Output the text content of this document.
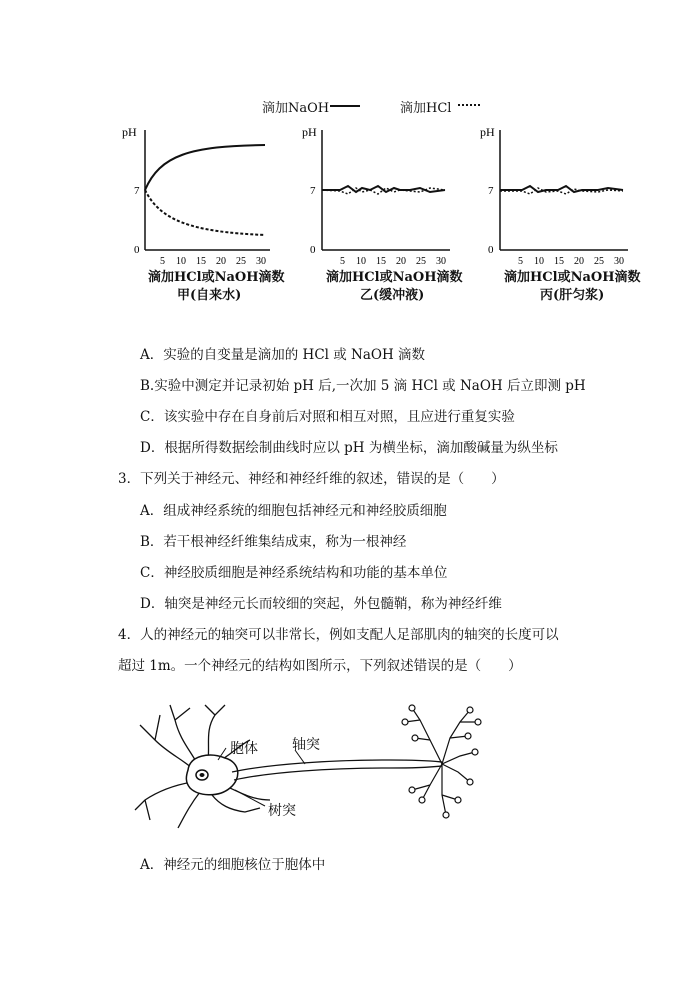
滴加NaOH	滴加HCl
pH
7
0
5 10 15 20 25 30
滴加HCl或NaOH滴数
甲(自来水)
pH
7
0
5 10 15 20 25 30
滴加HCl或NaOH滴数
乙(缓冲液)
pH
7
0
5 10 15 20 25 30
滴加HCl或NaOH滴数
丙(肝匀浆)
A．实验的自变量是滴加的 HCl 或 NaOH 滴数
B.实验中测定并记录初始 pH 后,一次加 5 滴 HCl 或 NaOH 后立即测 pH
C．该实验中存在自身前后对照和相互对照，且应进行重复实验
D．根据所得数据绘制曲线时应以 pH 为横坐标，滴加酸碱量为纵坐标
3．下列关于神经元、神经和神经纤维的叙述，错误的是（　　）
A．组成神经系统的细胞包括神经元和神经胶质细胞
B．若干根神经纤维集结成束，称为一根神经
C．神经胶质细胞是神经系统结构和功能的基本单位
D．轴突是神经元长而较细的突起，外包髓鞘，称为神经纤维
4．人的神经元的轴突可以非常长，例如支配人足部肌肉的轴突的长度可以
超过 1m。一个神经元的结构如图所示，下列叙述错误的是（　　）
胞体 轴突
树突
A．神经元的细胞核位于胞体中
